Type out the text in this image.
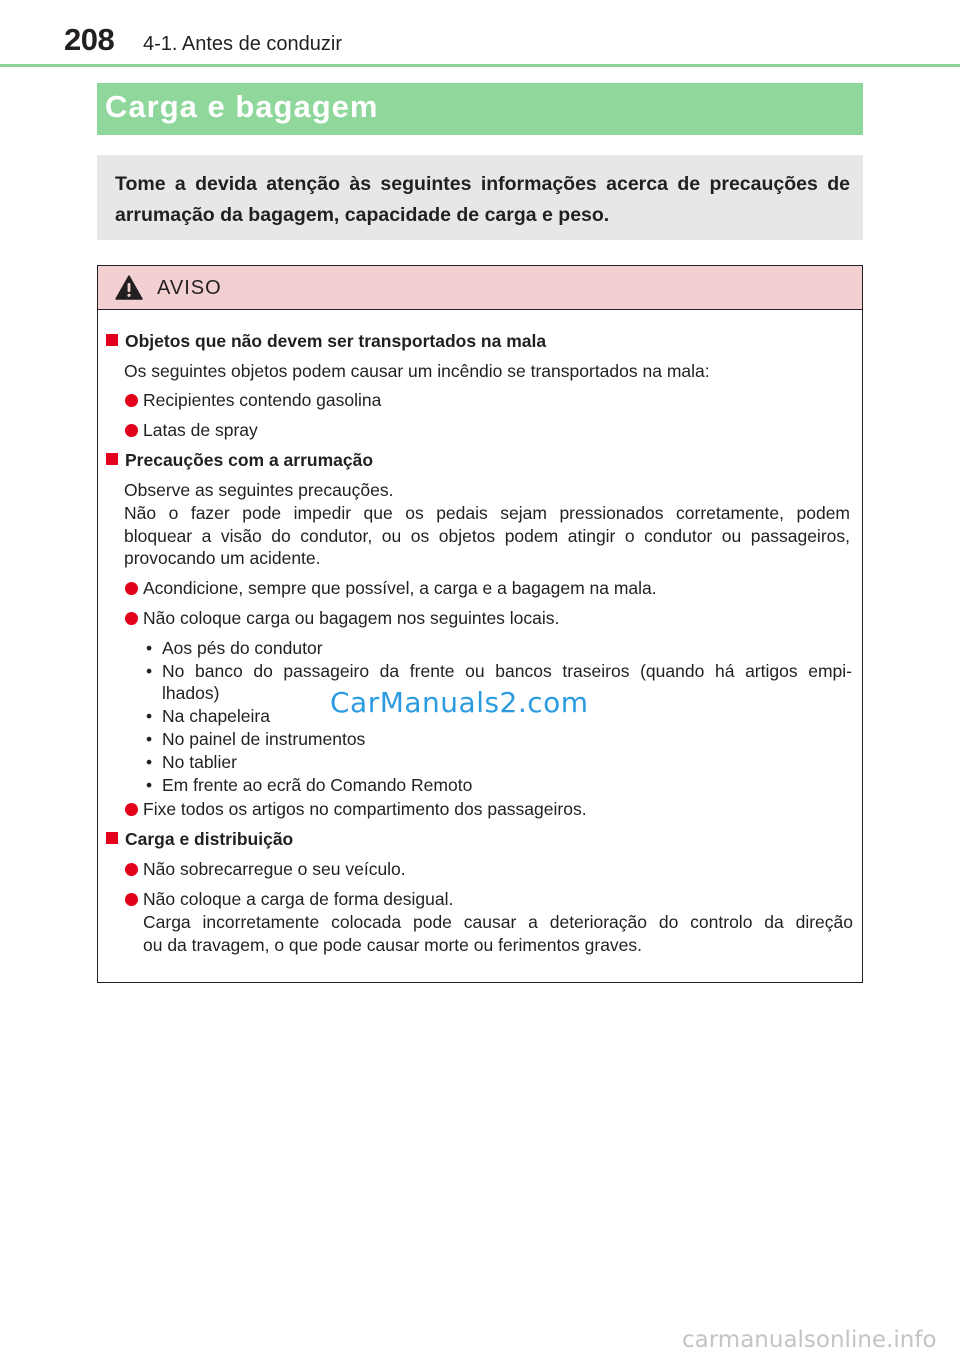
208 4-1. Antes de conduzir
Carga e bagagem
Tome a devida atenção às seguintes informações acerca de precauções de arrumação da bagagem, capacidade de carga e peso.
AVISO
Objetos que não devem ser transportados na mala
Os seguintes objetos podem causar um incêndio se transportados na mala:
Recipientes contendo gasolina
Latas de spray
Precauções com a arrumação
Observe as seguintes precauções.
Não o fazer pode impedir que os pedais sejam pressionados corretamente, podem
bloquear a visão do condutor, ou os objetos podem atingir o condutor ou passageiros,
provocando um acidente.
Acondicione, sempre que possível, a carga e a bagagem na mala.
Não coloque carga ou bagagem nos seguintes locais.
• Aos pés do condutor
• No banco do passageiro da frente ou bancos traseiros (quando há artigos empi-
lhados)
• Na chapeleira
• No painel de instrumentos
• No tablier
• Em frente ao ecrã do Comando Remoto
Fixe todos os artigos no compartimento dos passageiros.
Carga e distribuição
Não sobrecarregue o seu veículo.
Não coloque a carga de forma desigual.
Carga incorretamente colocada pode causar a deterioração do controlo da direção
ou da travagem, o que pode causar morte ou ferimentos graves.
CarManuals2.com
carmanualsonline.info
